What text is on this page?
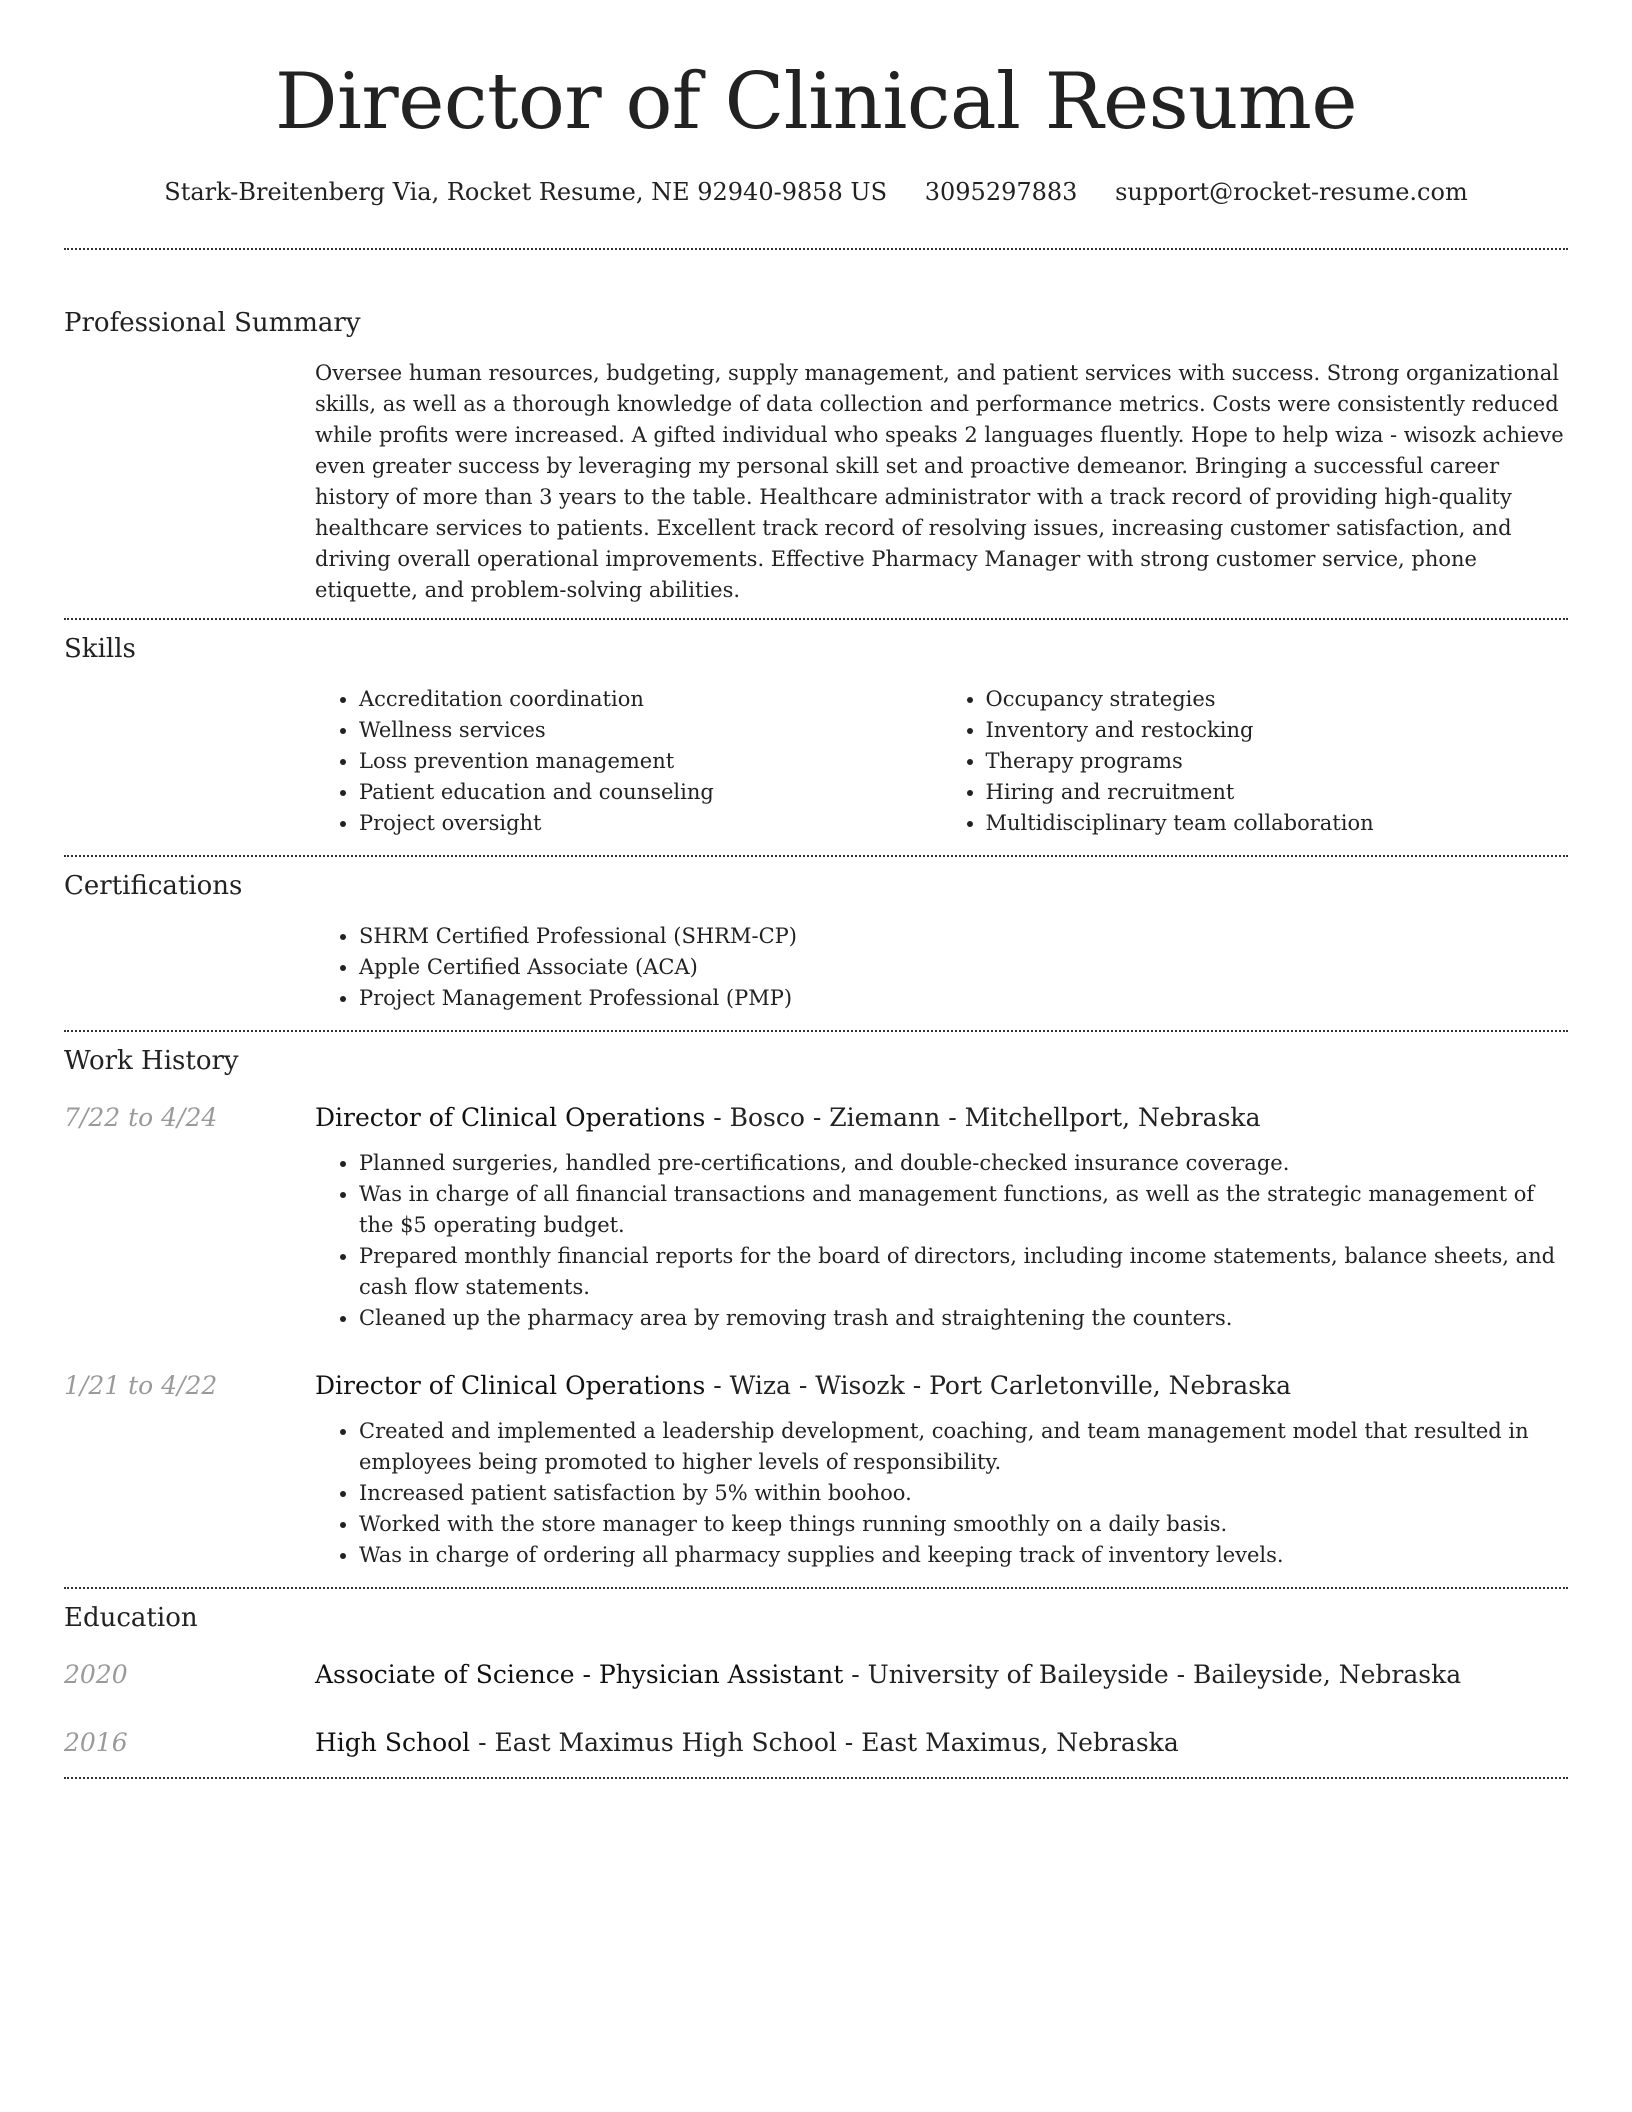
Director of Clinical Resume
Stark-Breitenberg Via, Rocket Resume, NE 92940-9858 US 3095297883 support@rocket-resume.com
Professional Summary

Oversee human resources, budgeting, supply management, and patient services with success. Strong organizational skills, as well as a thorough knowledge of data collection and performance metrics. Costs were consistently reduced while profits were increased. A gifted individual who speaks 2 languages fluently. Hope to help wiza - wisozk achieve even greater success by leveraging my personal skill set and proactive demeanor. Bringing a successful career history of more than 3 years to the table. Healthcare administrator with a track record of providing high-quality healthcare services to patients. Excellent track record of resolving issues, increasing customer satisfaction, and driving overall operational improvements. Effective Pharmacy Manager with strong customer service, phone etiquette, and problem-solving abilities.

Skills
• Accreditation coordination
• Wellness services
• Loss prevention management
• Patient education and counseling
• Project oversight
• Occupancy strategies
• Inventory and restocking
• Therapy programs
• Hiring and recruitment
• Multidisciplinary team collaboration
Certifications
• SHRM Certified Professional (SHRM-CP)
• Apple Certified Associate (ACA)
• Project Management Professional (PMP)
Work History
7/22 to 4/24	Director of Clinical Operations - Bosco - Ziemann - Mitchellport, Nebraska
• Planned surgeries, handled pre-certifications, and double-checked insurance coverage.
• Was in charge of all financial transactions and management functions, as well as the strategic management of the $5 operating budget.
• Prepared monthly financial reports for the board of directors, including income statements, balance sheets, and cash flow statements.
• Cleaned up the pharmacy area by removing trash and straightening the counters.
1/21 to 4/22	Director of Clinical Operations - Wiza - Wisozk - Port Carletonville, Nebraska
• Created and implemented a leadership development, coaching, and team management model that resulted in employees being promoted to higher levels of responsibility.
• Increased patient satisfaction by 5% within boohoo.
• Worked with the store manager to keep things running smoothly on a daily basis.
• Was in charge of ordering all pharmacy supplies and keeping track of inventory levels.
Education
2020	Associate of Science - Physician Assistant - University of Baileyside - Baileyside, Nebraska
2016	High School - East Maximus High School - East Maximus, Nebraska
